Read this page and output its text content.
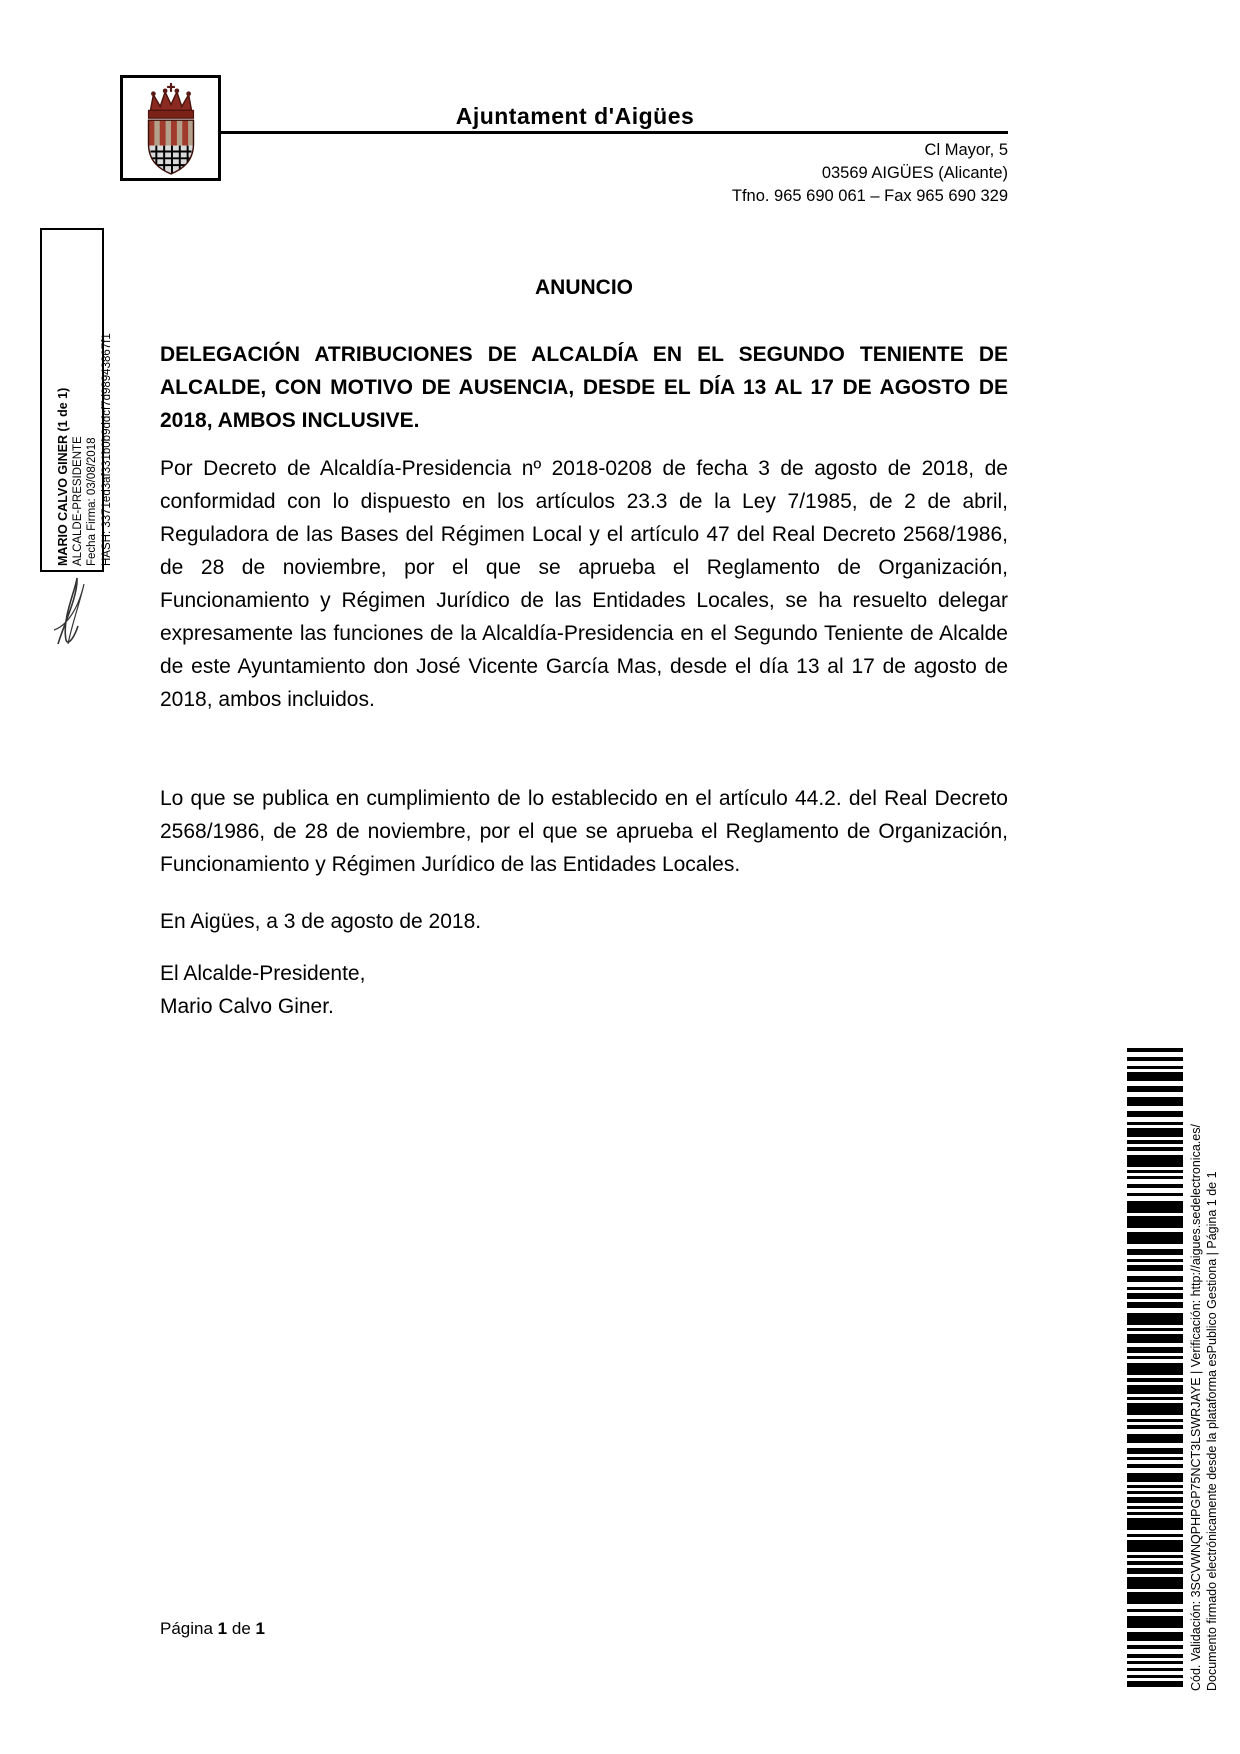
Ajuntament d'Aigües
Cl Mayor, 5
03569 AIGÜES (Alicante)
Tfno. 965 690 061 – Fax 965 690 329
MARIO CALVO GINER (1 de 1) ALCALDE-PRESIDENTE Fecha Firma: 03/08/2018 HASH: 3371ed3af331b0b9ddcf7d98943867f1
ANUNCIO
DELEGACIÓN ATRIBUCIONES DE ALCALDÍA EN EL SEGUNDO TENIENTE DE ALCALDE, CON MOTIVO DE AUSENCIA, DESDE EL DÍA 13 AL 17 DE AGOSTO DE 2018, AMBOS INCLUSIVE.
Por Decreto de Alcaldía-Presidencia nº 2018-0208 de fecha 3 de agosto de 2018, de conformidad con lo dispuesto en los artículos 23.3 de la Ley 7/1985, de 2 de abril, Reguladora de las Bases del Régimen Local y el artículo 47 del Real Decreto 2568/1986, de 28 de noviembre, por el que se aprueba el Reglamento de Organización, Funcionamiento y Régimen Jurídico de las Entidades Locales, se ha resuelto delegar expresamente las funciones de la Alcaldía-Presidencia en el Segundo Teniente de Alcalde de este Ayuntamiento don José Vicente García Mas, desde el día 13 al 17 de agosto de 2018, ambos incluidos.
Lo que se publica en cumplimiento de lo establecido en el artículo 44.2. del Real Decreto 2568/1986, de 28 de noviembre, por el que se aprueba el Reglamento de Organización, Funcionamiento y Régimen Jurídico de las Entidades Locales.
En Aigües, a 3 de agosto de 2018.
El Alcalde-Presidente,
Mario Calvo Giner.
Cód. Validación: 3SCVWNQPHPGP75NCT3LSWRJAYE | Verificación: http://aigues.sedelectronica.es/ Documento firmado electrónicamente desde la plataforma esPublico Gestiona | Página 1 de 1
Página 1 de 1
